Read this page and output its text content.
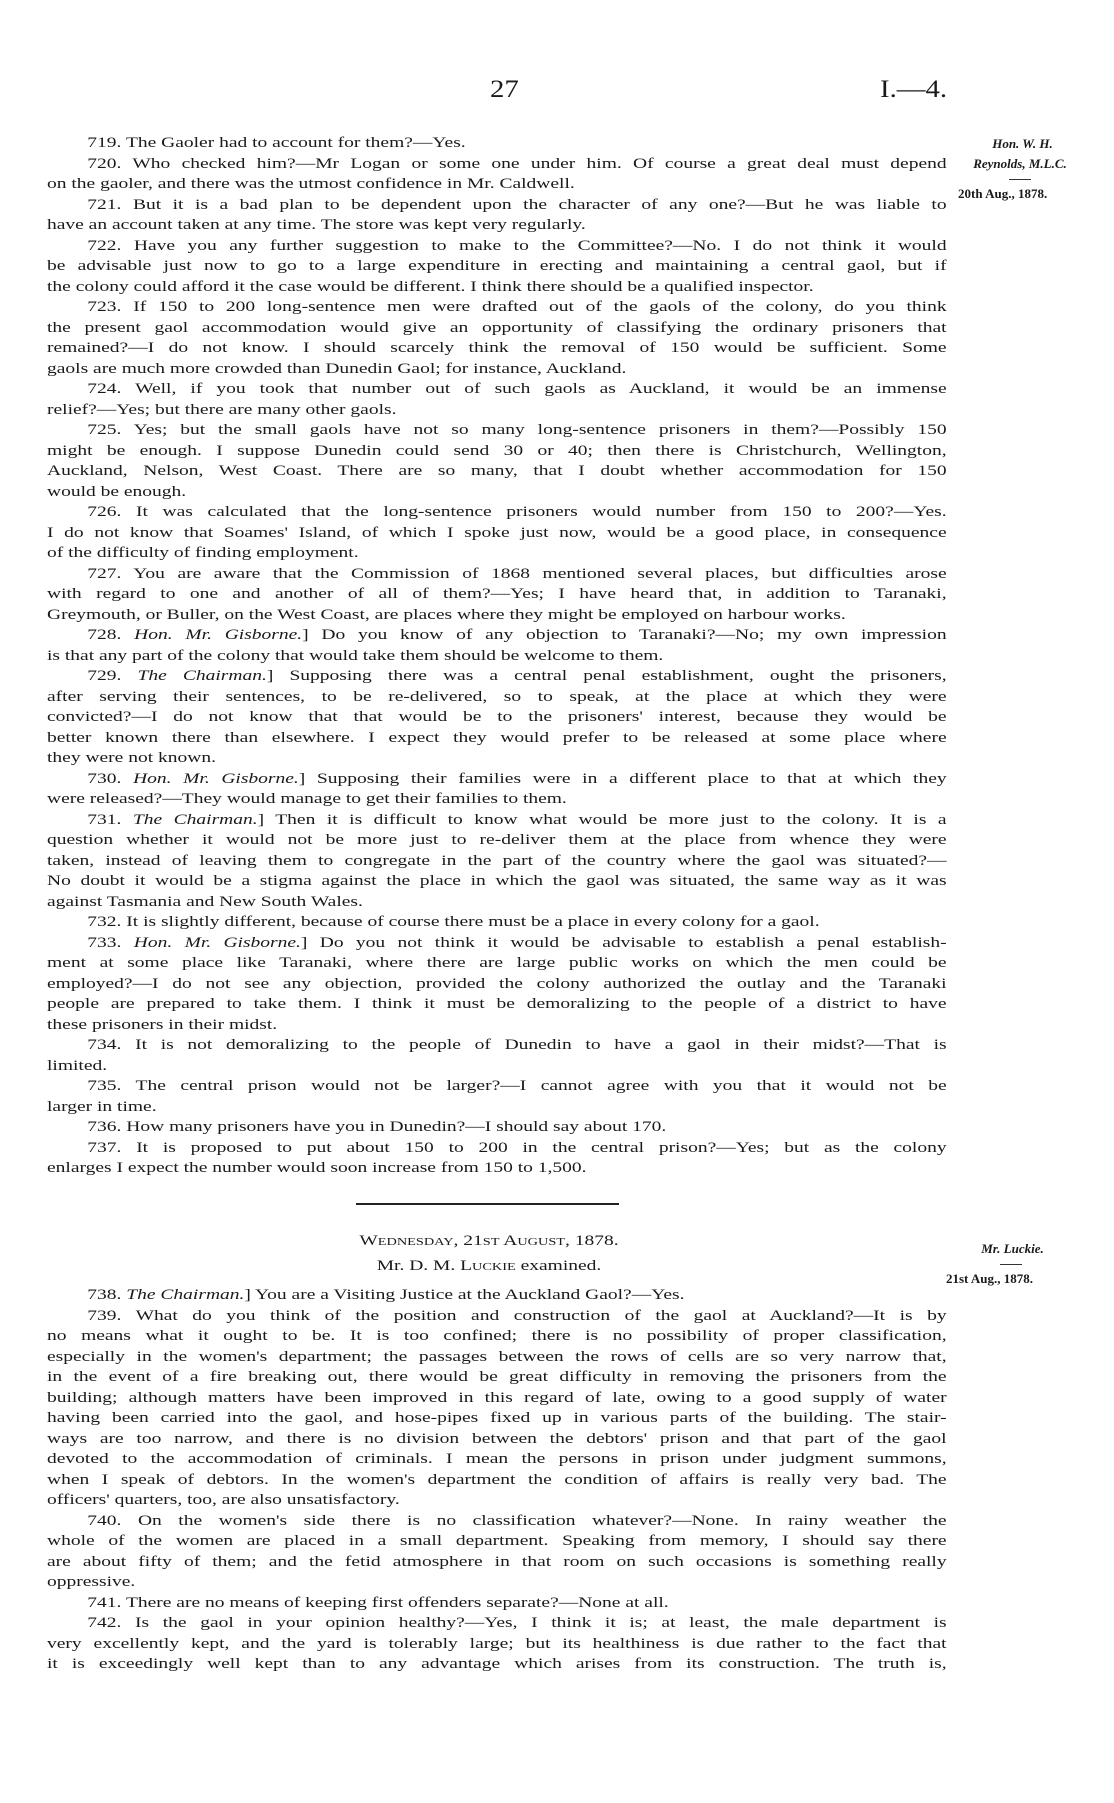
27	I.—4.
Hon. W. H.
Reynolds, M.L.C.
20th Aug., 1878.
719. The Gaoler had to account for them?—Yes.
720. Who checked him?—Mr Logan or some one under him. Of course a great deal must depend
on the gaoler, and there was the utmost confidence in Mr. Caldwell.
721. But it is a bad plan to be dependent upon the character of any one?—But he was liable to
have an account taken at any time. The store was kept very regularly.
722. Have you any further suggestion to make to the Committee?—No. I do not think it would
be advisable just now to go to a large expenditure in erecting and maintaining a central gaol, but if
the colony could afford it the case would be different. I think there should be a qualified inspector.
723. If 150 to 200 long-sentence men were drafted out of the gaols of the colony, do you think
the present gaol accommodation would give an opportunity of classifying the ordinary prisoners that
remained?—I do not know. I should scarcely think the removal of 150 would be sufficient. Some
gaols are much more crowded than Dunedin Gaol; for instance, Auckland.
724. Well, if you took that number out of such gaols as Auckland, it would be an immense
relief?—Yes; but there are many other gaols.
725. Yes; but the small gaols have not so many long-sentence prisoners in them?—Possibly 150
might be enough. I suppose Dunedin could send 30 or 40; then there is Christchurch, Wellington,
Auckland, Nelson, West Coast. There are so many, that I doubt whether accommodation for 150
would be enough.
726. It was calculated that the long-sentence prisoners would number from 150 to 200?—Yes.
I do not know that Soames' Island, of which I spoke just now, would be a good place, in consequence
of the difficulty of finding employment.
727. You are aware that the Commission of 1868 mentioned several places, but difficulties arose
with regard to one and another of all of them?—Yes; I have heard that, in addition to Taranaki,
Greymouth, or Buller, on the West Coast, are places where they might be employed on harbour works.
728. Hon. Mr. Gisborne.] Do you know of any objection to Taranaki?—No; my own impression
is that any part of the colony that would take them should be welcome to them.
729. The Chairman.] Supposing there was a central penal establishment, ought the prisoners,
after serving their sentences, to be re-delivered, so to speak, at the place at which they were
convicted?—I do not know that that would be to the prisoners' interest, because they would be
better known there than elsewhere. I expect they would prefer to be released at some place where
they were not known.
730. Hon. Mr. Gisborne.] Supposing their families were in a different place to that at which they
were released?—They would manage to get their families to them.
731. The Chairman.] Then it is difficult to know what would be more just to the colony. It is a
question whether it would not be more just to re-deliver them at the place from whence they were
taken, instead of leaving them to congregate in the part of the country where the gaol was situated?—
No doubt it would be a stigma against the place in which the gaol was situated, the same way as it was
against Tasmania and New South Wales.
732. It is slightly different, because of course there must be a place in every colony for a gaol.
733. Hon. Mr. Gisborne.] Do you not think it would be advisable to establish a penal establish-
ment at some place like Taranaki, where there are large public works on which the men could be
employed?—I do not see any objection, provided the colony authorized the outlay and the Taranaki
people are prepared to take them. I think it must be demoralizing to the people of a district to have
these prisoners in their midst.
734. It is not demoralizing to the people of Dunedin to have a gaol in their midst?—That is
limited.
735. The central prison would not be larger?—I cannot agree with you that it would not be
larger in time.
736. How many prisoners have you in Dunedin?—I should say about 170.
737. It is proposed to put about 150 to 200 in the central prison?—Yes; but as the colony
enlarges I expect the number would soon increase from 150 to 1,500.
Wednesday, 21st August, 1878.
Mr. D. M. Luckie examined.
Mr. Luckie.
21st Aug., 1878.
738. The Chairman.] You are a Visiting Justice at the Auckland Gaol?—Yes.
739. What do you think of the position and construction of the gaol at Auckland?—It is by
no means what it ought to be. It is too confined; there is no possibility of proper classification,
especially in the women's department; the passages between the rows of cells are so very narrow that,
in the event of a fire breaking out, there would be great difficulty in removing the prisoners from the
building; although matters have been improved in this regard of late, owing to a good supply of water
having been carried into the gaol, and hose-pipes fixed up in various parts of the building. The stair-
ways are too narrow, and there is no division between the debtors' prison and that part of the gaol
devoted to the accommodation of criminals. I mean the persons in prison under judgment summons,
when I speak of debtors. In the women's department the condition of affairs is really very bad. The
officers' quarters, too, are also unsatisfactory.
740. On the women's side there is no classification whatever?—None. In rainy weather the
whole of the women are placed in a small department. Speaking from memory, I should say there
are about fifty of them; and the fetid atmosphere in that room on such occasions is something really
oppressive.
741. There are no means of keeping first offenders separate?—None at all.
742. Is the gaol in your opinion healthy?—Yes, I think it is; at least, the male department is
very excellently kept, and the yard is tolerably large; but its healthiness is due rather to the fact that
it is exceedingly well kept than to any advantage which arises from its construction. The truth is,
